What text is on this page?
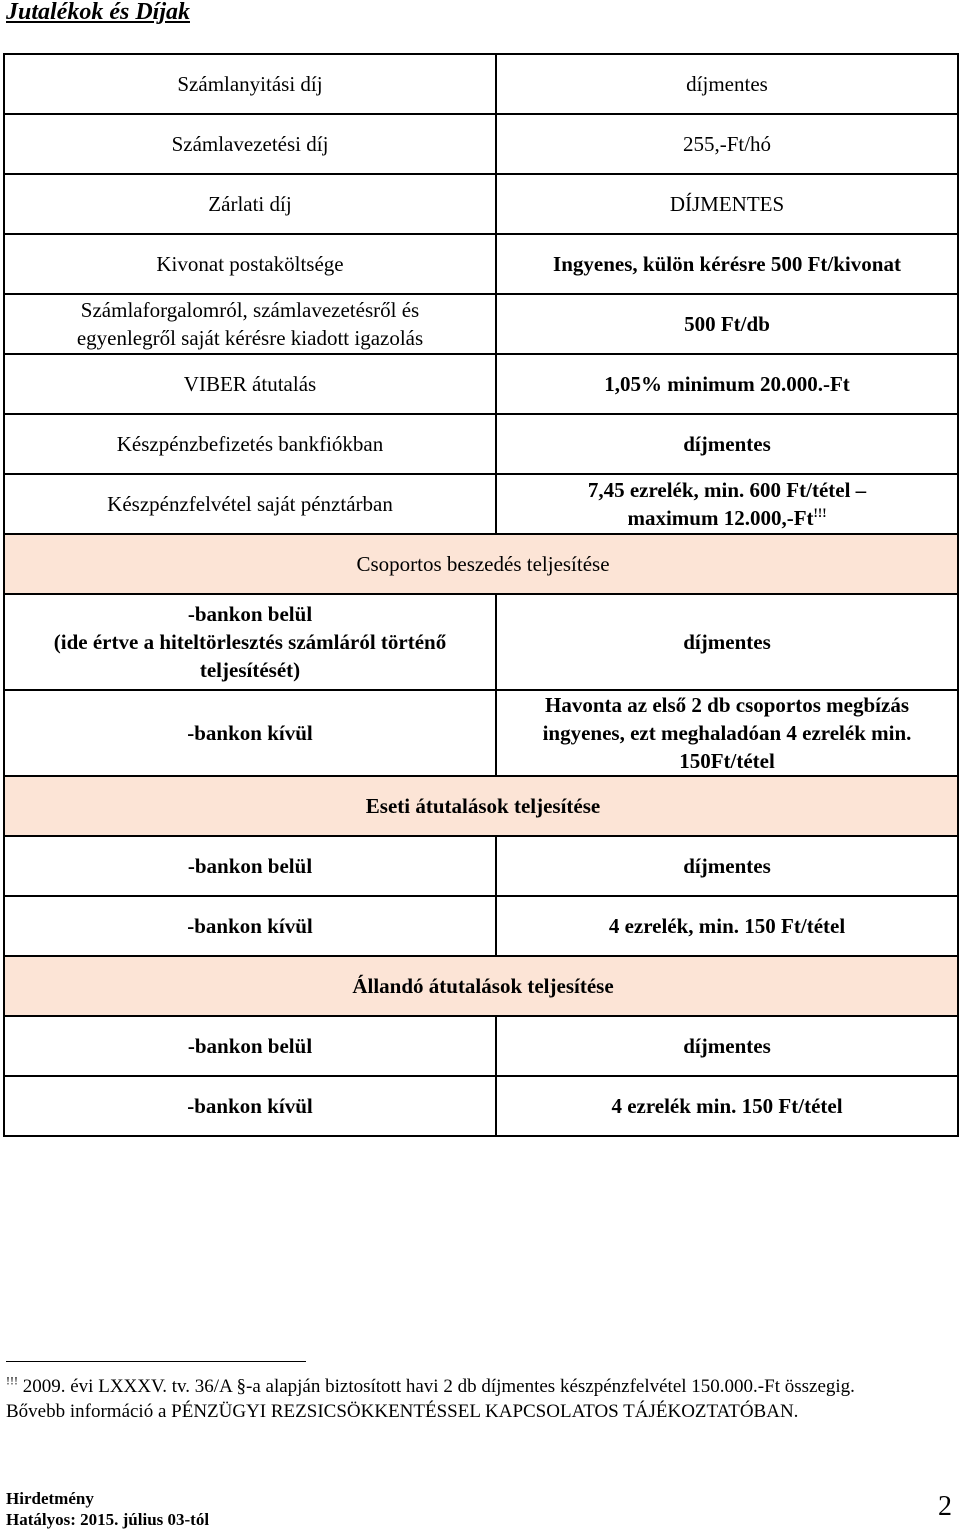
Jutalékok és Díjak
Számlanyitási díj	díjmentes
Számlavezetési díj	255,-Ft/hó
Zárlati díj	DÍJMENTES
Kivonat postaköltsége	Ingyenes, külön kérésre 500 Ft/kivonat

Számlaforgalomról, számlavezetésről és
egyenlegről saját kérésre kiadott igazolás	500 Ft/db
VIBER átutalás	1,05% minimum 20.000.-Ft
Készpénzbefizetés bankfiókban	díjmentes
Készpénzfelvétel saját pénztárban	7,45 ezrelék, min. 600 Ft/tétel –
maximum 12.000,-Ft!!!

Csoportos beszedés teljesítése	

-bankon belül
(ide értve a hiteltörlesztés számláról történő
teljesítését)	díjmentes
-bankon kívül	Havonta az első 2 db csoportos megbízás
ingyenes, ezt meghaladóan 4 ezrelék min.
150Ft/tétel

Eseti átutalások teljesítése	
-bankon belül	díjmentes
-bankon kívül	4 ezrelék, min. 150 Ft/tétel
Állandó átutalások teljesítése	
-bankon belül	díjmentes
-bankon kívül	4 ezrelék min. 150 Ft/tétel
!!! 2009. évi LXXXV. tv. 36/A §-a alapján biztosított havi 2 db díjmentes készpénzfelvétel 150.000.-Ft összegig.
Bővebb információ a PÉNZÜGYI REZSICSÖKKENTÉSSEL KAPCSOLATOS TÁJÉKOZTATÓBAN.
Hirdetmény
Hatályos: 2015. július 03-tól	2
